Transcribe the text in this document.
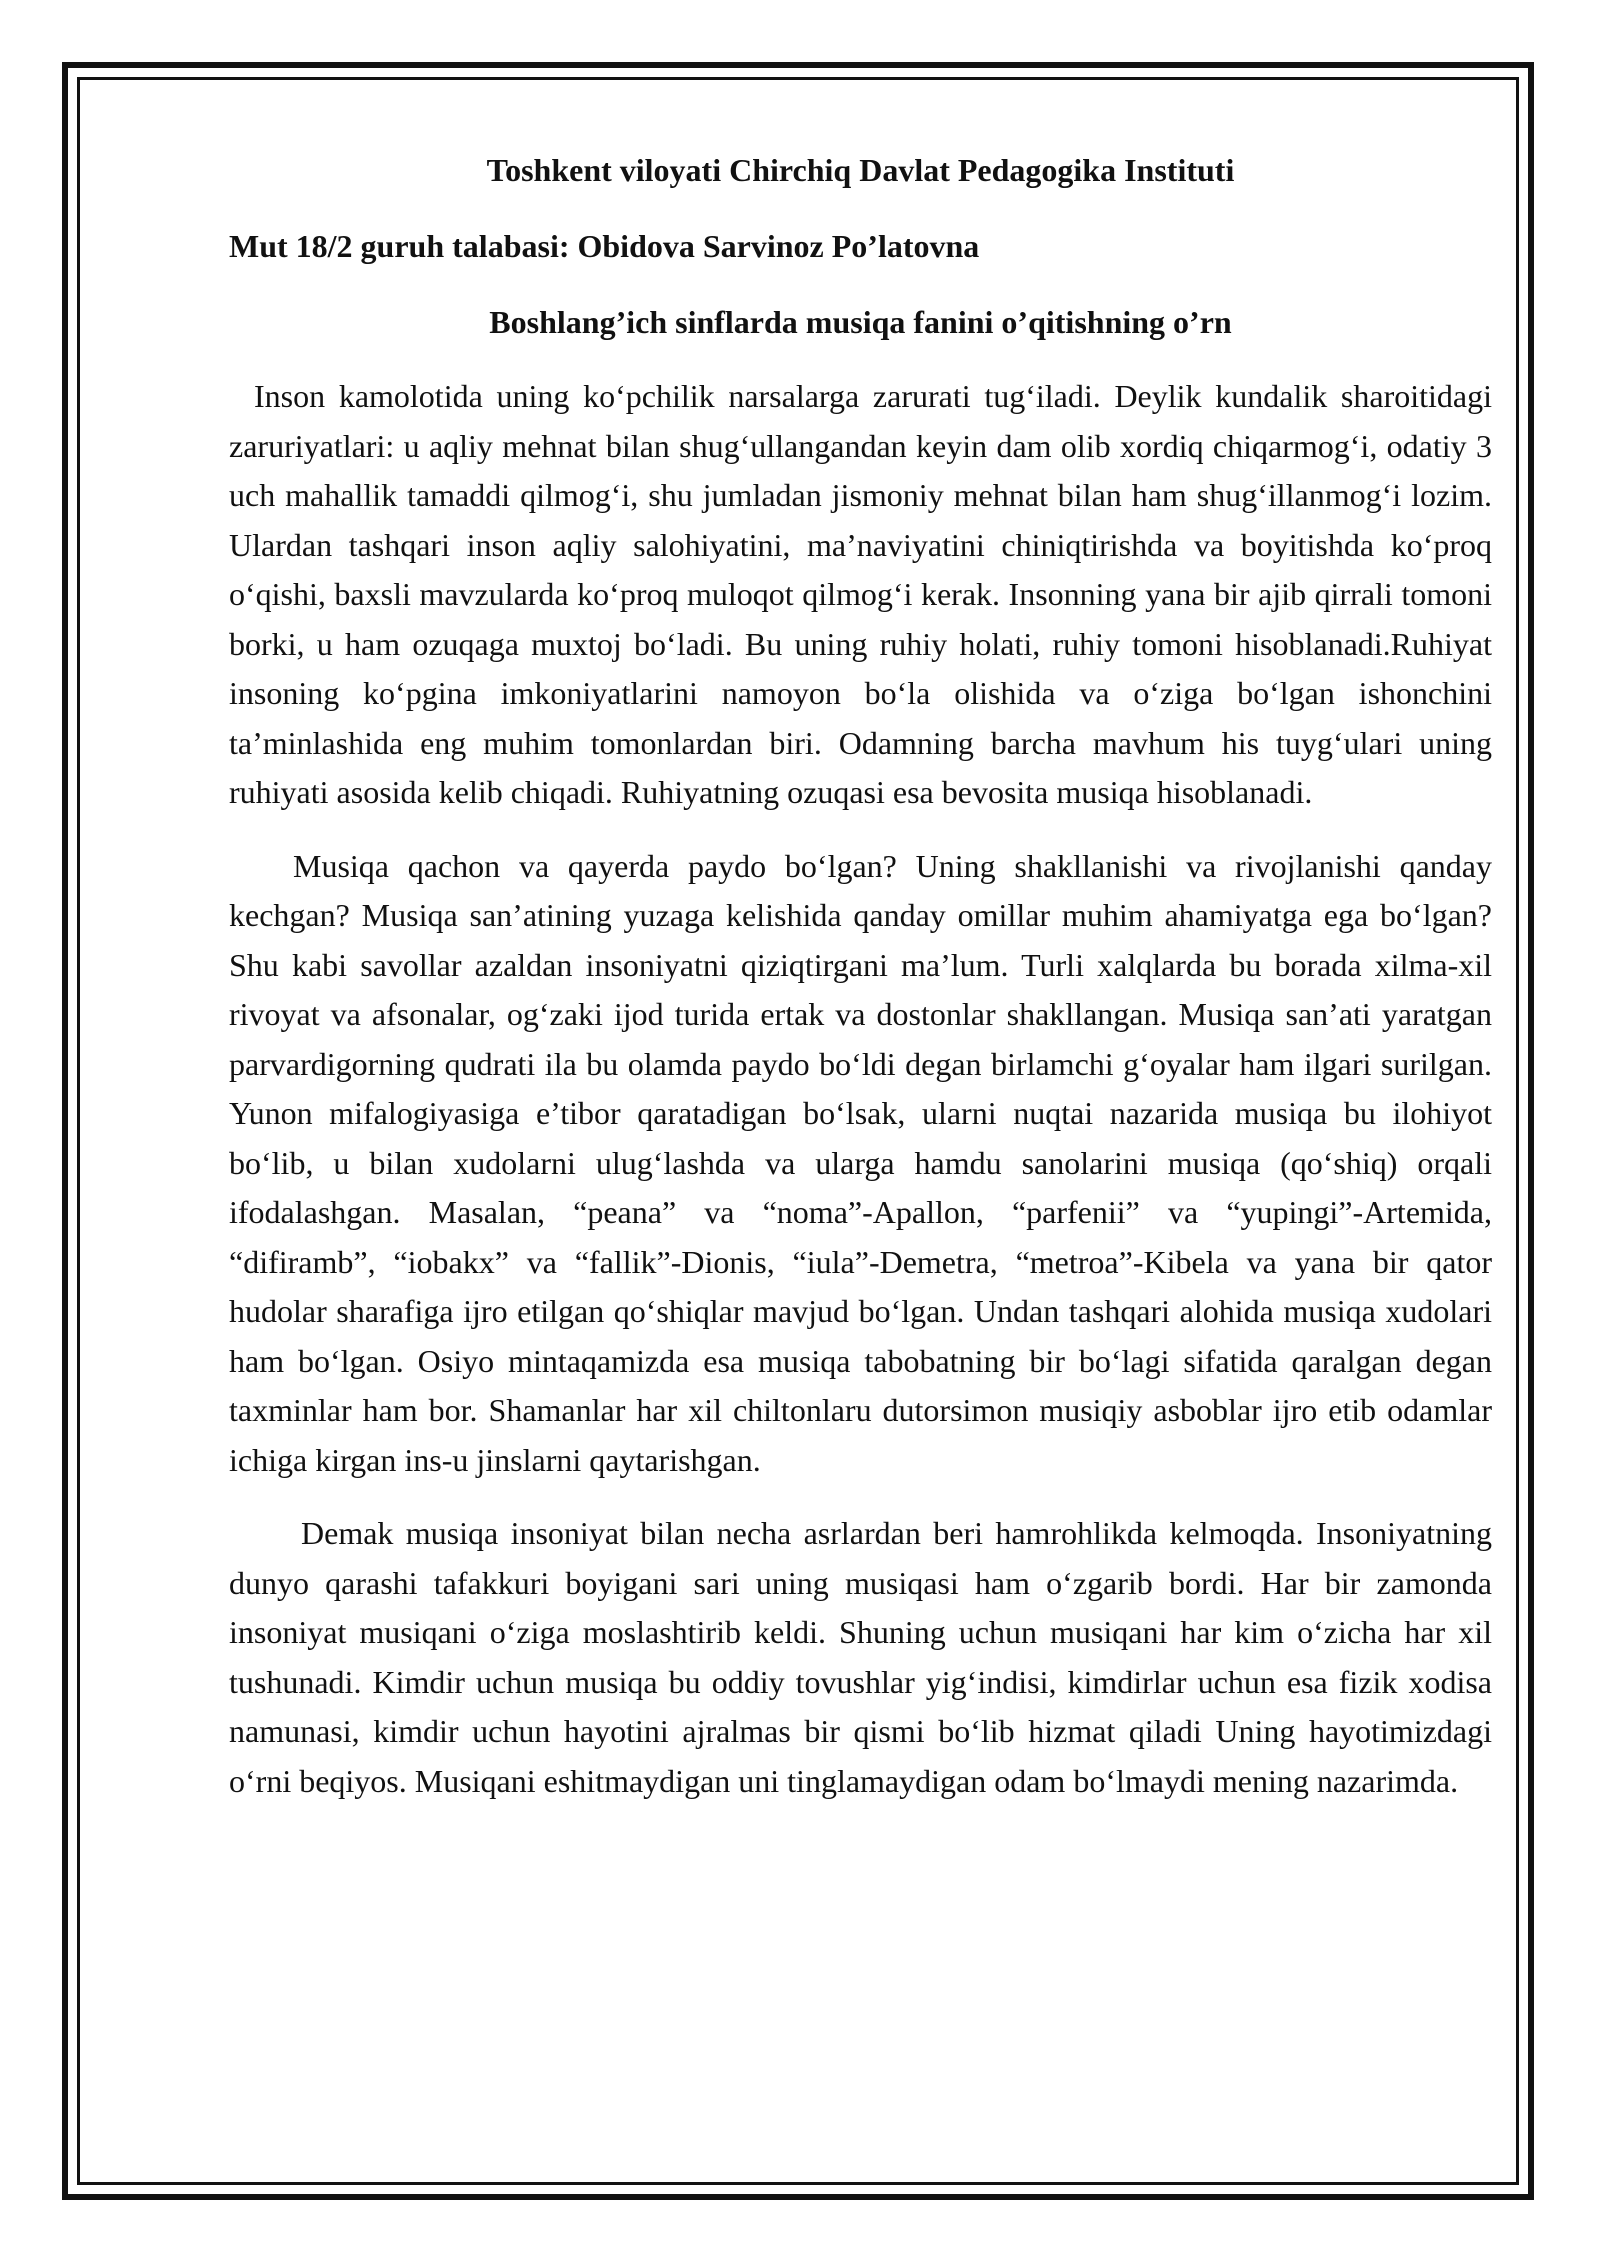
Toshkent viloyati Chirchiq Davlat Pedagogika Instituti

Mut 18/2 guruh talabasi: Obidova Sarvinoz Po’latovna

Boshlang’ich sinflarda musiqa fanini o’qitishning o’rn

Inson kamolotida uning ko‘pchilik narsalarga zarurati tug‘iladi. Deylik kundalik sharoitidagi zaruriyatlari: u aqliy mehnat bilan shug‘ullangandan keyin dam olib xordiq chiqarmog‘i, odatiy 3 uch mahallik tamaddi qilmog‘i, shu jumladan jismoniy mehnat bilan ham shug‘illanmog‘i lozim. Ulardan tashqari inson aqliy salohiyatini, ma’naviyatini chiniqtirishda va boyitishda ko‘proq o‘qishi, baxsli mavzularda ko‘proq muloqot qilmog‘i kerak. Insonning yana bir ajib qirrali tomoni borki, u ham ozuqaga muxtoj bo‘ladi. Bu uning ruhiy holati, ruhiy tomoni hisoblanadi.Ruhiyat insoning ko‘pgina imkoniyatlarini namoyon bo‘la olishida va o‘ziga bo‘lgan ishonchini ta’minlashida eng muhim tomonlardan biri. Odamning barcha mavhum his tuyg‘ulari uning ruhiyati asosida kelib chiqadi. Ruhiyatning ozuqasi esa bevosita musiqa hisoblanadi.

Musiqa qachon va qayerda paydo bo‘lgan? Uning shakllanishi va rivojlanishi qanday kechgan? Musiqa san’atining yuzaga kelishida qanday omillar muhim ahamiyatga ega bo‘lgan? Shu kabi savollar azaldan insoniyatni qiziqtirgani ma’lum. Turli xalqlarda bu borada xilma-xil rivoyat va afsonalar, og‘zaki ijod turida ertak va dostonlar shakllangan. Musiqa san’ati yaratgan parvardigorning qudrati ila bu olamda paydo bo‘ldi degan birlamchi g‘oyalar ham ilgari surilgan. Yunon mifalogiyasiga e’tibor qaratadigan bo‘lsak, ularni nuqtai nazarida musiqa bu ilohiyot bo‘lib, u bilan xudolarni ulug‘lashda va ularga hamdu sanolarini musiqa (qo‘shiq) orqali ifodalashgan. Masalan, “peana” va “noma”-Apallon, “parfenii” va “yupingi”-Artemida, “difiramb”, “iobakx” va “fallik”-Dionis, “iula”-Demetra, “metroa”-Kibela va yana bir qator hudolar sharafiga ijro etilgan qo‘shiqlar mavjud bo‘lgan. Undan tashqari alohida musiqa xudolari ham bo‘lgan. Osiyo mintaqamizda esa musiqa tabobatning bir bo‘lagi sifatida qaralgan degan taxminlar ham bor. Shamanlar har xil chiltonlaru dutorsimon musiqiy asboblar ijro etib odamlar ichiga kirgan ins-u jinslarni qaytarishgan.

Demak musiqa insoniyat bilan necha asrlardan beri hamrohlikda kelmoqda. Insoniyatning dunyo qarashi tafakkuri boyigani sari uning musiqasi ham o‘zgarib bordi. Har bir zamonda insoniyat musiqani o‘ziga moslashtirib keldi. Shuning uchun musiqani har kim o‘zicha har xil tushunadi. Kimdir uchun musiqa bu oddiy tovushlar yig‘indisi, kimdirlar uchun esa fizik xodisa namunasi, kimdir uchun hayotini ajralmas bir qismi bo‘lib hizmat qiladi Uning hayotimizdagi o‘rni beqiyos. Musiqani eshitmaydigan uni tinglamaydigan odam bo‘lmaydi mening nazarimda.
